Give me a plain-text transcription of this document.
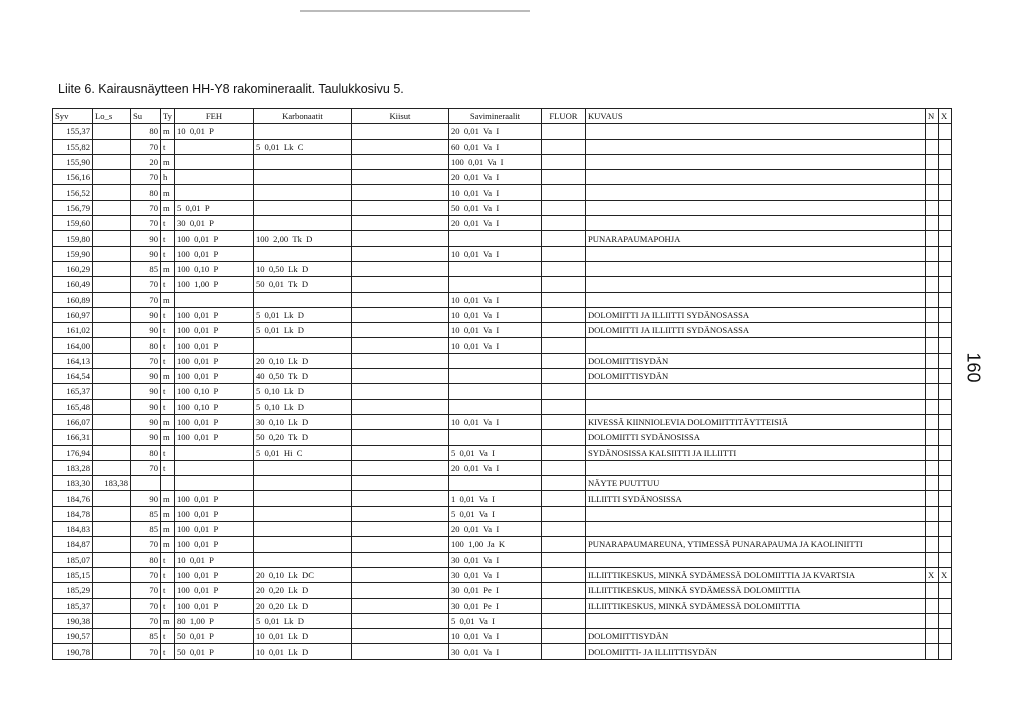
Liite 6. Kairausnäytteen HH-Y8 rakomineraalit. Taulukkosivu 5.
160
Syv	Lo_s	Su	Ty	FEH	Karbonaatit	Kiisut	Savimineraalit	FLUOR	KUVAUS	N	X
155,37		80	m	10  0,01  P			20  0,01  Va  I				
155,82		70	t		5  0,01  Lk  C		60  0,01  Va  I				
155,90		20	m				100  0,01  Va  I				
156,16		70	h				20  0,01  Va  I				
156,52		80	m				10  0,01  Va  I				
156,79		70	m	5  0,01  P			50  0,01  Va  I				
159,60		70	t	30  0,01  P			20  0,01  Va  I				
159,80		90	t	100  0,01  P	100  2,00  Tk  D				PUNARAPAUMAPOHJA		
159,90		90	t	100  0,01  P			10  0,01  Va  I				
160,29		85	m	100  0,10  P	10  0,50  Lk  D						
160,49		70	t	100  1,00  P	50  0,01  Tk  D						
160,89		70	m				10  0,01  Va  I				
160,97		90	t	100  0,01  P	5  0,01  Lk  D		10  0,01  Va  I		DOLOMIITTI JA ILLIITTI SYDÄNOSASSA		
161,02		90	t	100  0,01  P	5  0,01  Lk  D		10  0,01  Va  I		DOLOMIITTI JA ILLIITTI SYDÄNOSASSA		
164,00		80	t	100  0,01  P			10  0,01  Va  I				
164,13		70	t	100  0,01  P	20  0,10  Lk  D				DOLOMIITTISYDÄN		
164,54		90	m	100  0,01  P	40  0,50  Tk  D				DOLOMIITTISYDÄN		
165,37		90	t	100  0,10  P	5  0,10  Lk  D						
165,48		90	t	100  0,10  P	5  0,10  Lk  D						
166,07		90	m	100  0,01  P	30  0,10  Lk  D		10  0,01  Va  I		KIVESSÄ KIINNIOLEVIA DOLOMIITTITÄYTTEISIÄ		
166,31		90	m	100  0,01  P	50  0,20  Tk  D				DOLOMIITTI SYDÄNOSISSA		
176,94		80	t		5  0,01  Hi  C		5  0,01  Va  I		SYDÄNOSISSA KALSIITTI JA ILLIITTI		
183,28		70	t				20  0,01  Va  I				
183,30	183,38								NÄYTE PUUTTUU		
184,76		90	m	100  0,01  P			1  0,01  Va  I		ILLIITTI SYDÄNOSISSA		
184,78		85	m	100  0,01  P			5  0,01  Va  I				
184,83		85	m	100  0,01  P			20  0,01  Va  I				
184,87		70	m	100  0,01  P			100  1,00  Ja  K		PUNARAPAUMAREUNA, YTIMESSÄ PUNARAPAUMA JA KAOLINIITTI		
185,07		80	t	10  0,01  P			30  0,01  Va  I				
185,15		70	t	100  0,01  P	20  0,10  Lk  DC		30  0,01  Va  I		ILLIITTIKESKUS, MINKÄ SYDÄMESSÄ DOLOMIITTIA JA KVARTSIA	X	X
185,29		70	t	100  0,01  P	20  0,20  Lk  D		30  0,01  Pe  I		ILLIITTIKESKUS, MINKÄ SYDÄMESSÄ DOLOMIITTIA		
185,37		70	t	100  0,01  P	20  0,20  Lk  D		30  0,01  Pe  I		ILLIITTIKESKUS, MINKÄ SYDÄMESSÄ DOLOMIITTIA		
190,38		70	m	80  1,00  P	5  0,01  Lk  D		5  0,01  Va  I				
190,57		85	t	50  0,01  P	10  0,01  Lk  D		10  0,01  Va  I		DOLOMIITTISYDÄN		
190,78		70	t	50  0,01  P	10  0,01  Lk  D		30  0,01  Va  I		DOLOMIITTI- JA ILLIITTISYDÄN		
